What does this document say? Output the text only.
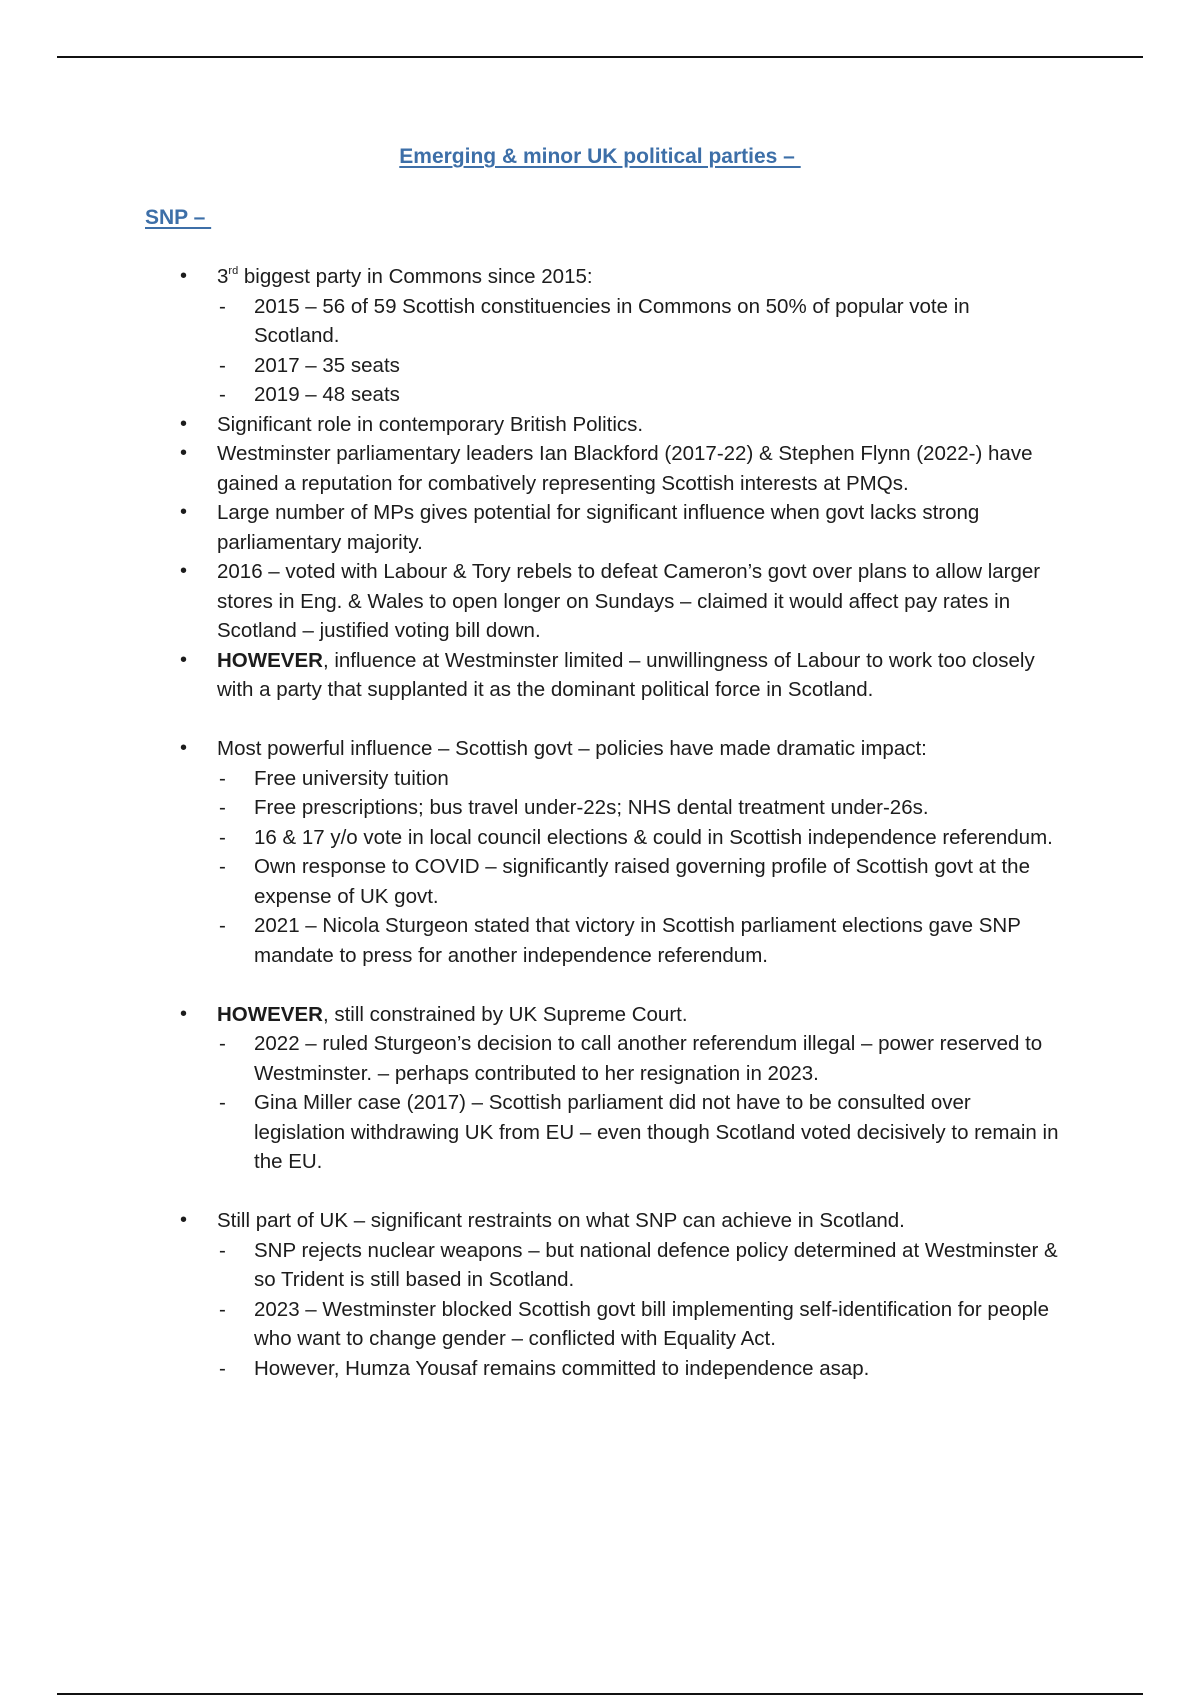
Emerging & minor UK political parties –
SNP –
• 3rd biggest party in Commons since 2015:
- 2015 – 56 of 59 Scottish constituencies in Commons on 50% of popular vote in Scotland.
- 2017 – 35 seats
- 2019 – 48 seats
• Significant role in contemporary British Politics.
• Westminster parliamentary leaders Ian Blackford (2017-22) & Stephen Flynn (2022-) have gained a reputation for combatively representing Scottish interests at PMQs.
• Large number of MPs gives potential for significant influence when govt lacks strong parliamentary majority.
• 2016 – voted with Labour & Tory rebels to defeat Cameron’s govt over plans to allow larger stores in Eng. & Wales to open longer on Sundays – claimed it would affect pay rates in Scotland – justified voting bill down.
• HOWEVER, influence at Westminster limited – unwillingness of Labour to work too closely with a party that supplanted it as the dominant political force in Scotland.
• Most powerful influence – Scottish govt – policies have made dramatic impact:
- Free university tuition
- Free prescriptions; bus travel under-22s; NHS dental treatment under-26s.
- 16 & 17 y/o vote in local council elections & could in Scottish independence referendum.
- Own response to COVID – significantly raised governing profile of Scottish govt at the expense of UK govt.
- 2021 – Nicola Sturgeon stated that victory in Scottish parliament elections gave SNP mandate to press for another independence referendum.
• HOWEVER, still constrained by UK Supreme Court.
- 2022 – ruled Sturgeon’s decision to call another referendum illegal – power reserved to Westminster. – perhaps contributed to her resignation in 2023.
- Gina Miller case (2017) – Scottish parliament did not have to be consulted over legislation withdrawing UK from EU – even though Scotland voted decisively to remain in the EU.
• Still part of UK – significant restraints on what SNP can achieve in Scotland.
- SNP rejects nuclear weapons – but national defence policy determined at Westminster & so Trident is still based in Scotland.
- 2023 – Westminster blocked Scottish govt bill implementing self-identification for people who want to change gender – conflicted with Equality Act.
- However, Humza Yousaf remains committed to independence asap.
